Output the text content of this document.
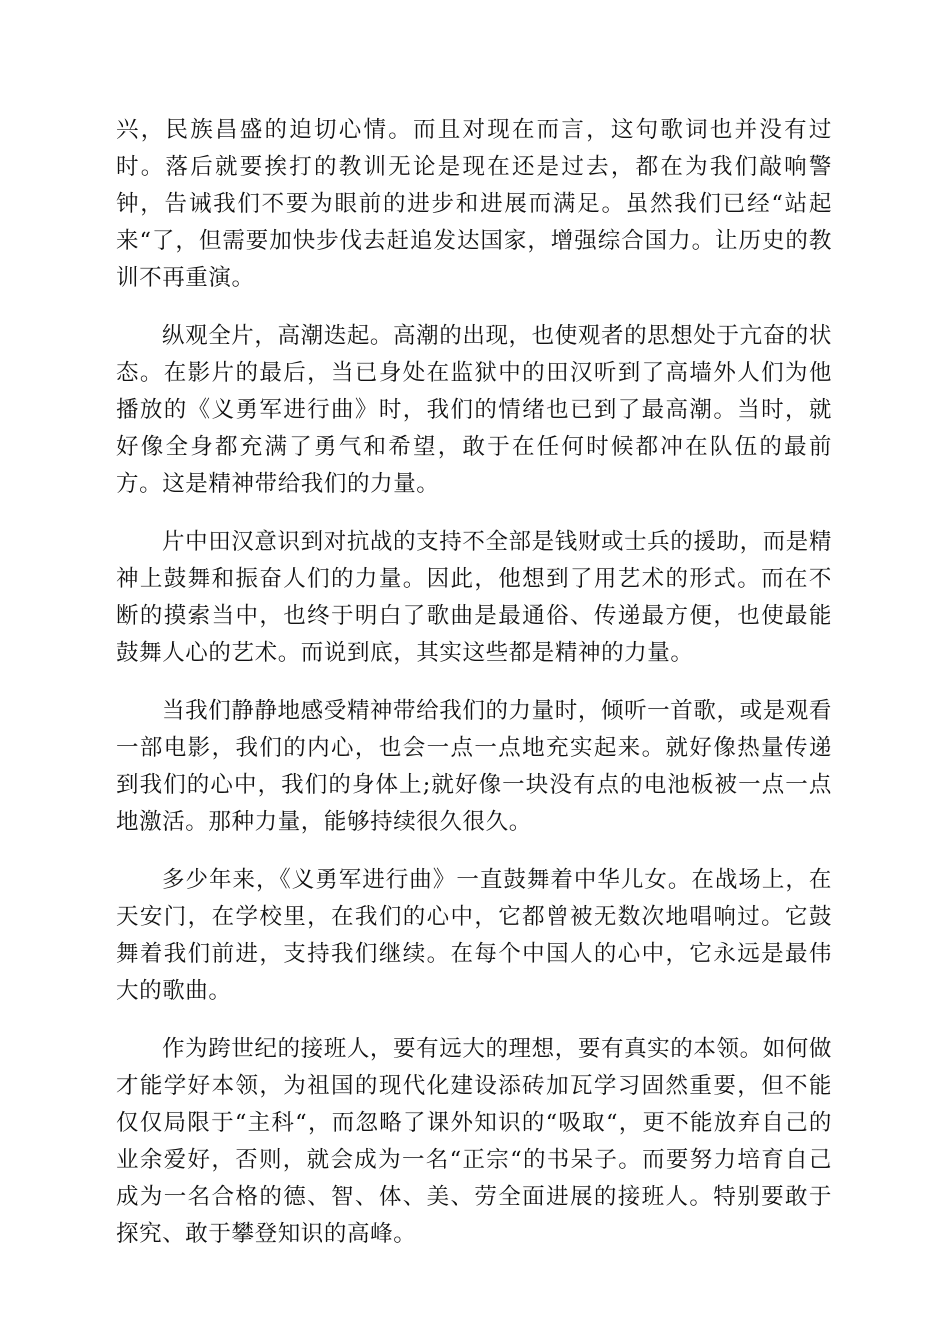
兴，民族昌盛的迫切心情。而且对现在而言，这句歌词也并没有过时。落后就要挨打的教训无论是现在还是过去，都在为我们敲响警钟，告诫我们不要为眼前的进步和进展而满足。虽然我们已经“站起来“了，但需要加快步伐去赶追发达国家，增强综合国力。让历史的教训不再重演。

纵观全片，高潮迭起。高潮的出现，也使观者的思想处于亢奋的状态。在影片的最后，当已身处在监狱中的田汉听到了高墙外人们为他播放的《义勇军进行曲》时，我们的情绪也已到了最高潮。当时，就好像全身都充满了勇气和希望，敢于在任何时候都冲在队伍的最前方。这是精神带给我们的力量。

片中田汉意识到对抗战的支持不全部是钱财或士兵的援助，而是精神上鼓舞和振奋人们的力量。因此，他想到了用艺术的形式。而在不断的摸索当中，也终于明白了歌曲是最通俗、传递最方便，也使最能鼓舞人心的艺术。而说到底，其实这些都是精神的力量。

当我们静静地感受精神带给我们的力量时，倾听一首歌，或是观看一部电影，我们的内心，也会一点一点地充实起来。就好像热量传递到我们的心中，我们的身体上;就好像一块没有点的电池板被一点一点地激活。那种力量，能够持续很久很久。

多少年来，《义勇军进行曲》一直鼓舞着中华儿女。在战场上，在天安门，在学校里，在我们的心中，它都曾被无数次地唱响过。它鼓舞着我们前进，支持我们继续。在每个中国人的心中，它永远是最伟大的歌曲。

作为跨世纪的接班人，要有远大的理想，要有真实的本领。如何做才能学好本领，为祖国的现代化建设添砖加瓦学习固然重要，但不能仅仅局限于“主科“，而忽略了课外知识的“吸取“，更不能放弃自己的业余爱好，否则，就会成为一名“正宗“的书呆子。而要努力培育自己成为一名合格的德、智、体、美、劳全面进展的接班人。特别要敢于探究、敢于攀登知识的高峰。
